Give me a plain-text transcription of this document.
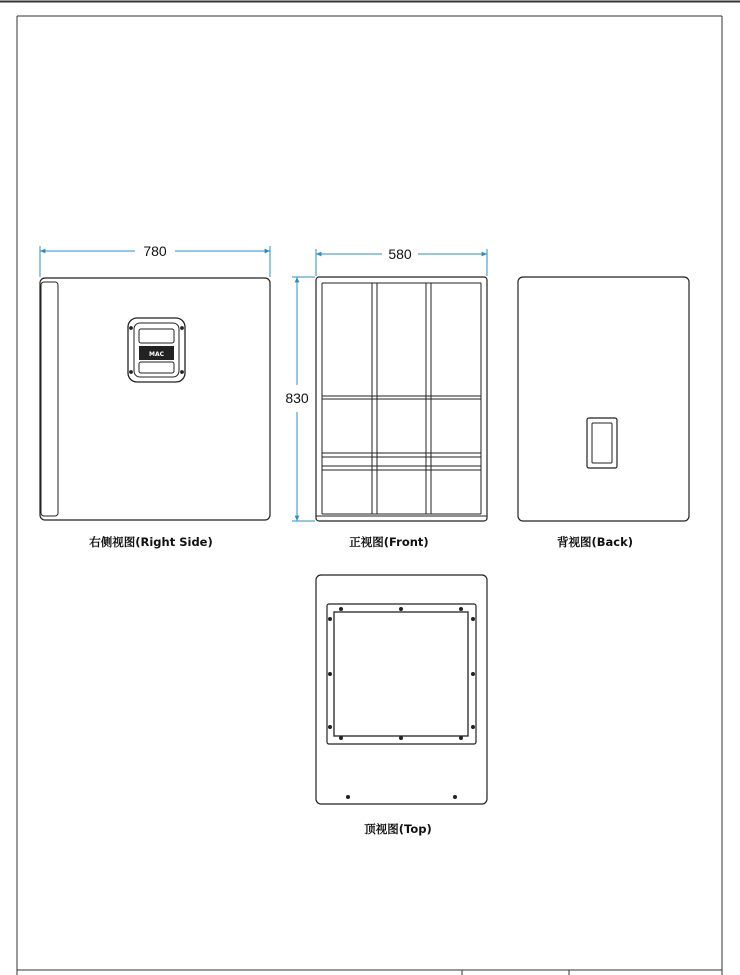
MAC
780
右侧视图(Right Side)
580
830
正视图(Front)	背视图(Back)
顶视图(Top)
